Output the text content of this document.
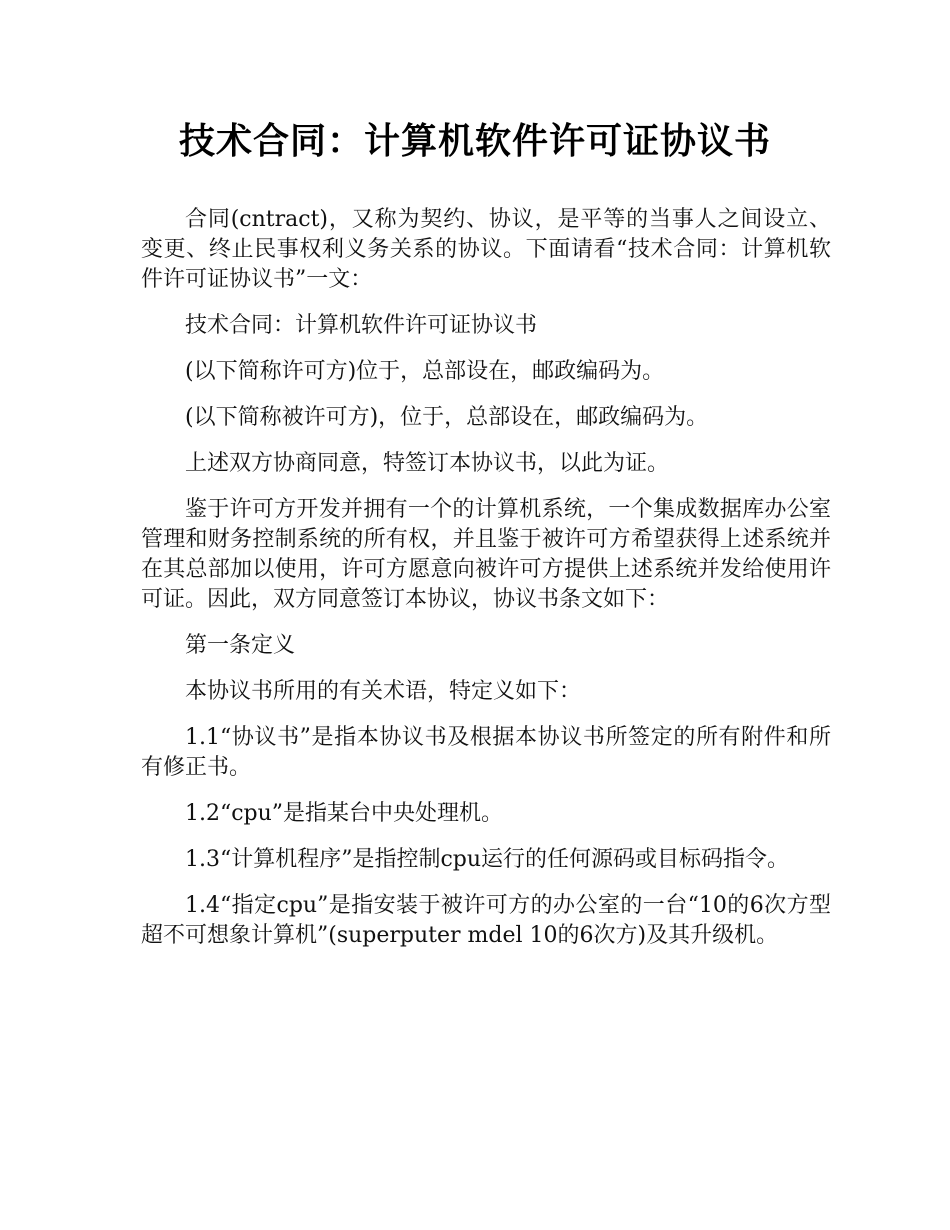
技术合同：计算机软件许可证协议书

合同(cntract)，又称为契约、协议，是平等的当事人之间设立、变更、终止民事权利义务关系的协议。下面请看“技术合同：计算机软件许可证协议书”一文：

技术合同：计算机软件许可证协议书

(以下简称许可方)位于，总部设在，邮政编码为。

(以下简称被许可方)，位于，总部设在，邮政编码为。

上述双方协商同意，特签订本协议书，以此为证。

鉴于许可方开发并拥有一个的计算机系统，一个集成数据库办公室管理和财务控制系统的所有权，并且鉴于被许可方希望获得上述系统并在其总部加以使用，许可方愿意向被许可方提供上述系统并发给使用许可证。因此，双方同意签订本协议，协议书条文如下：

第一条定义

本协议书所用的有关术语，特定义如下：

1.1“协议书”是指本协议书及根据本协议书所签定的所有附件和所有修正书。

1.2“cpu”是指某台中央处理机。

1.3“计算机程序”是指控制cpu运行的任何源码或目标码指令。

1.4“指定cpu”是指安装于被许可方的办公室的一台“10的6次方型超不可想象计算机”(superputer mdel 10的6次方)及其升级机。
